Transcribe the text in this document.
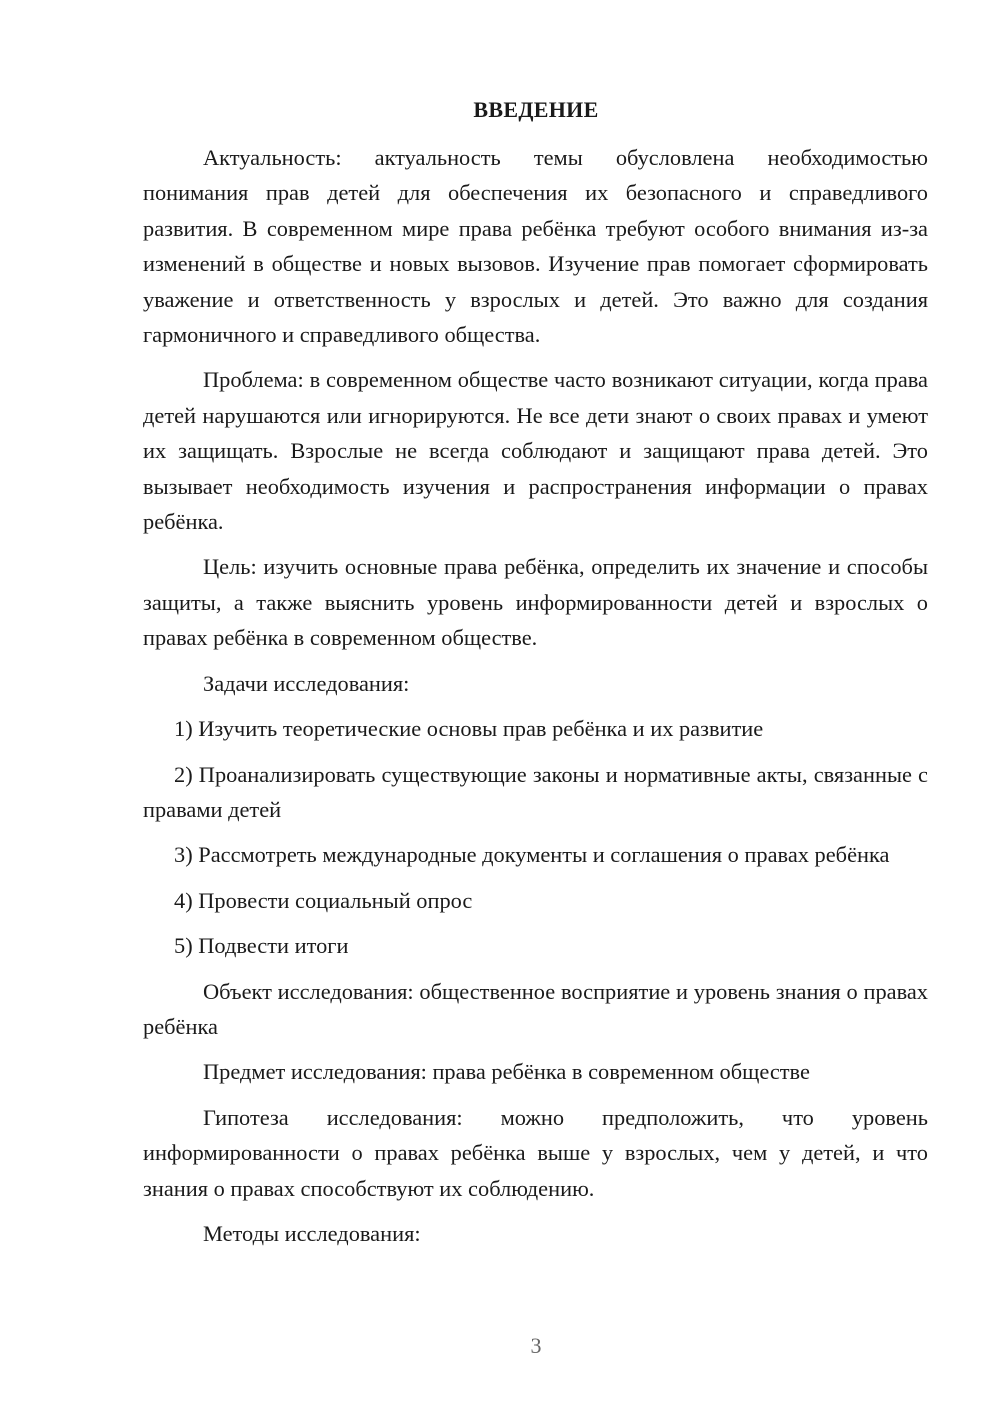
ВВЕДЕНИЕ

Актуальность: актуальность темы обусловлена необходимостью понимания прав детей для обеспечения их безопасного и справедливого развития. В современном мире права ребёнка требуют особого внимания из-за изменений в обществе и новых вызовов. Изучение прав помогает сформировать уважение и ответственность у взрослых и детей. Это важно для создания гармоничного и справедливого общества.

Проблема: в современном обществе часто возникают ситуации, когда права детей нарушаются или игнорируются. Не все дети знают о своих правах и умеют их защищать. Взрослые не всегда соблюдают и защищают права детей. Это вызывает необходимость изучения и распространения информации о правах ребёнка.

Цель: изучить основные права ребёнка, определить их значение и способы защиты, а также выяснить уровень информированности детей и взрослых о правах ребёнка в современном обществе.

Задачи исследования:

1) Изучить теоретические основы прав ребёнка и их развитие

2) Проанализировать существующие законы и нормативные акты, связанные с правами детей

3) Рассмотреть международные документы и соглашения о правах ребёнка

4) Провести социальный опрос

5) Подвести итоги

Объект исследования: общественное восприятие и уровень знания о правах ребёнка

Предмет исследования: права ребёнка в современном обществе

Гипотеза исследования: можно предположить, что уровень информированности о правах ребёнка выше у взрослых, чем у детей, и что знания о правах способствуют их соблюдению.

Методы исследования:

3
